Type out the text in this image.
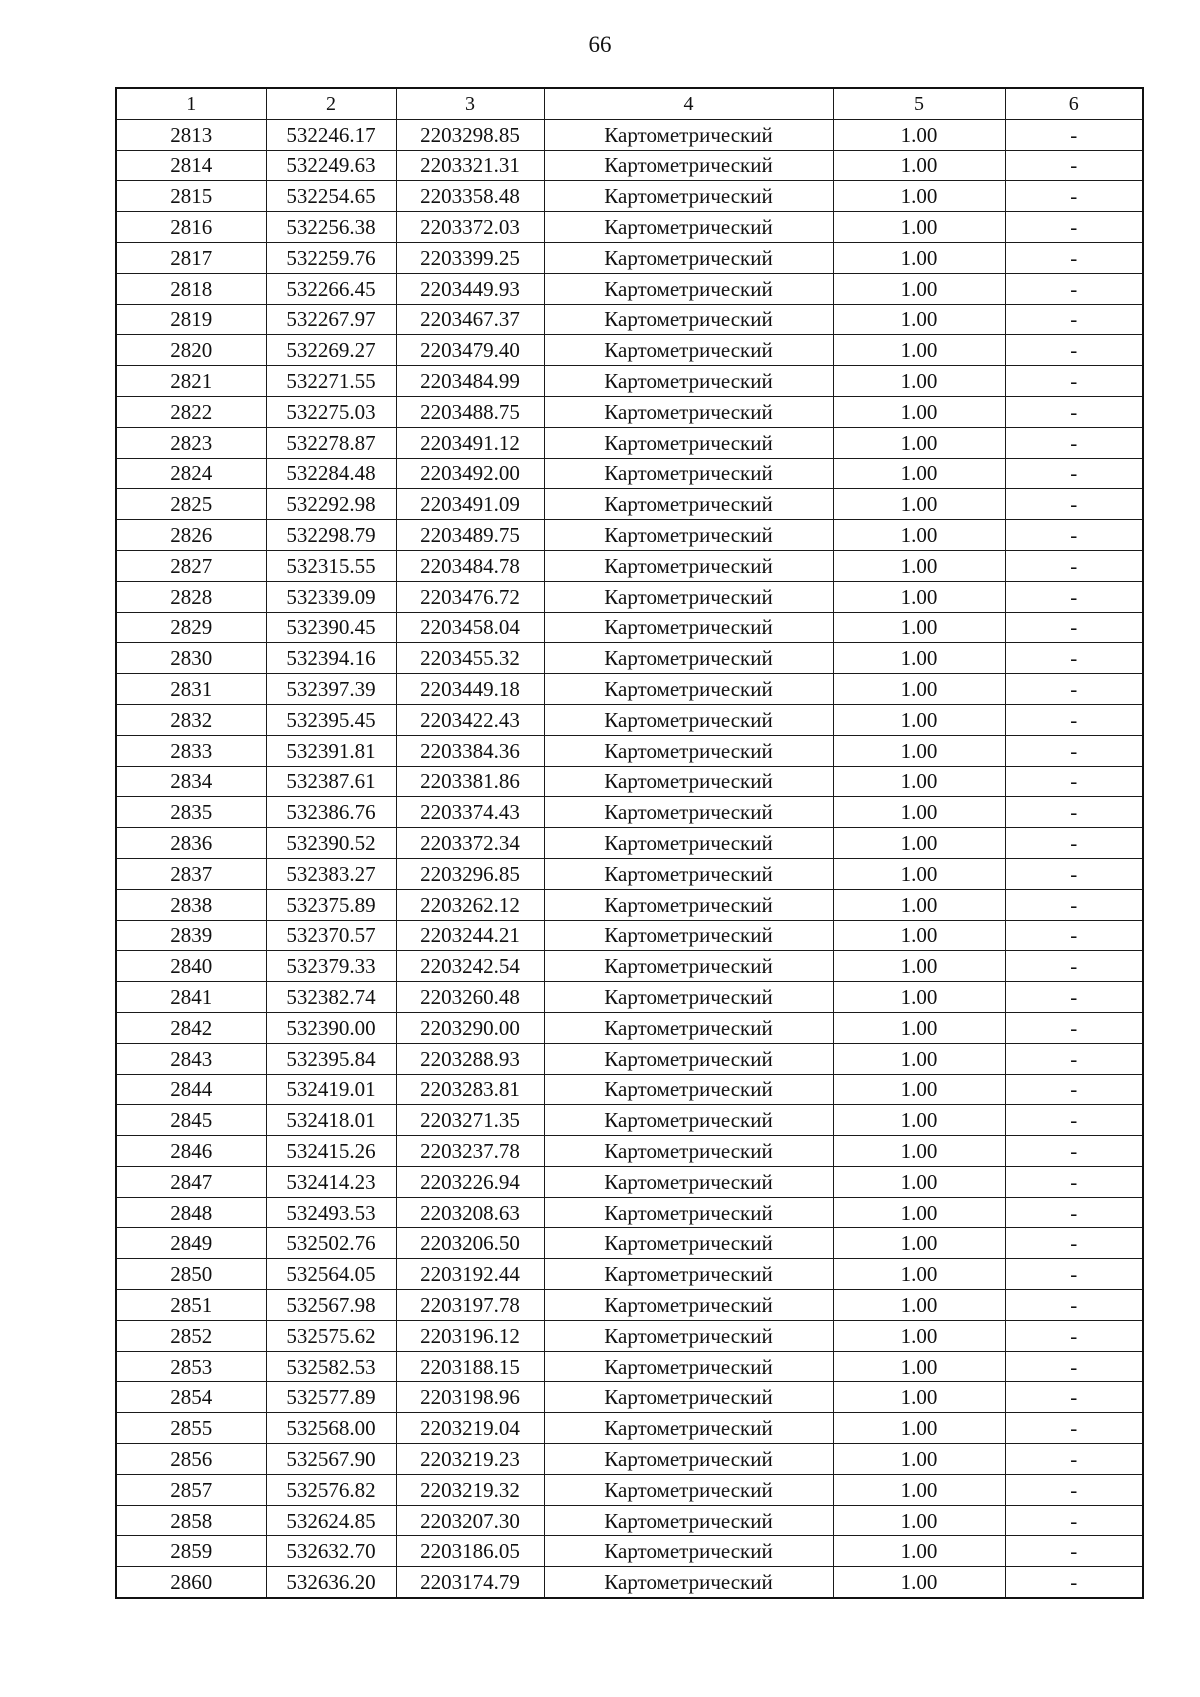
66
1	2	3	4	5	6
2813	532246.17	2203298.85	Картометрический	1.00	-
2814	532249.63	2203321.31	Картометрический	1.00	-
2815	532254.65	2203358.48	Картометрический	1.00	-
2816	532256.38	2203372.03	Картометрический	1.00	-
2817	532259.76	2203399.25	Картометрический	1.00	-
2818	532266.45	2203449.93	Картометрический	1.00	-
2819	532267.97	2203467.37	Картометрический	1.00	-
2820	532269.27	2203479.40	Картометрический	1.00	-
2821	532271.55	2203484.99	Картометрический	1.00	-
2822	532275.03	2203488.75	Картометрический	1.00	-
2823	532278.87	2203491.12	Картометрический	1.00	-
2824	532284.48	2203492.00	Картометрический	1.00	-
2825	532292.98	2203491.09	Картометрический	1.00	-
2826	532298.79	2203489.75	Картометрический	1.00	-
2827	532315.55	2203484.78	Картометрический	1.00	-
2828	532339.09	2203476.72	Картометрический	1.00	-
2829	532390.45	2203458.04	Картометрический	1.00	-
2830	532394.16	2203455.32	Картометрический	1.00	-
2831	532397.39	2203449.18	Картометрический	1.00	-
2832	532395.45	2203422.43	Картометрический	1.00	-
2833	532391.81	2203384.36	Картометрический	1.00	-
2834	532387.61	2203381.86	Картометрический	1.00	-
2835	532386.76	2203374.43	Картометрический	1.00	-
2836	532390.52	2203372.34	Картометрический	1.00	-
2837	532383.27	2203296.85	Картометрический	1.00	-
2838	532375.89	2203262.12	Картометрический	1.00	-
2839	532370.57	2203244.21	Картометрический	1.00	-
2840	532379.33	2203242.54	Картометрический	1.00	-
2841	532382.74	2203260.48	Картометрический	1.00	-
2842	532390.00	2203290.00	Картометрический	1.00	-
2843	532395.84	2203288.93	Картометрический	1.00	-
2844	532419.01	2203283.81	Картометрический	1.00	-
2845	532418.01	2203271.35	Картометрический	1.00	-
2846	532415.26	2203237.78	Картометрический	1.00	-
2847	532414.23	2203226.94	Картометрический	1.00	-
2848	532493.53	2203208.63	Картометрический	1.00	-
2849	532502.76	2203206.50	Картометрический	1.00	-
2850	532564.05	2203192.44	Картометрический	1.00	-
2851	532567.98	2203197.78	Картометрический	1.00	-
2852	532575.62	2203196.12	Картометрический	1.00	-
2853	532582.53	2203188.15	Картометрический	1.00	-
2854	532577.89	2203198.96	Картометрический	1.00	-
2855	532568.00	2203219.04	Картометрический	1.00	-
2856	532567.90	2203219.23	Картометрический	1.00	-
2857	532576.82	2203219.32	Картометрический	1.00	-
2858	532624.85	2203207.30	Картометрический	1.00	-
2859	532632.70	2203186.05	Картометрический	1.00	-
2860	532636.20	2203174.79	Картометрический	1.00	-
